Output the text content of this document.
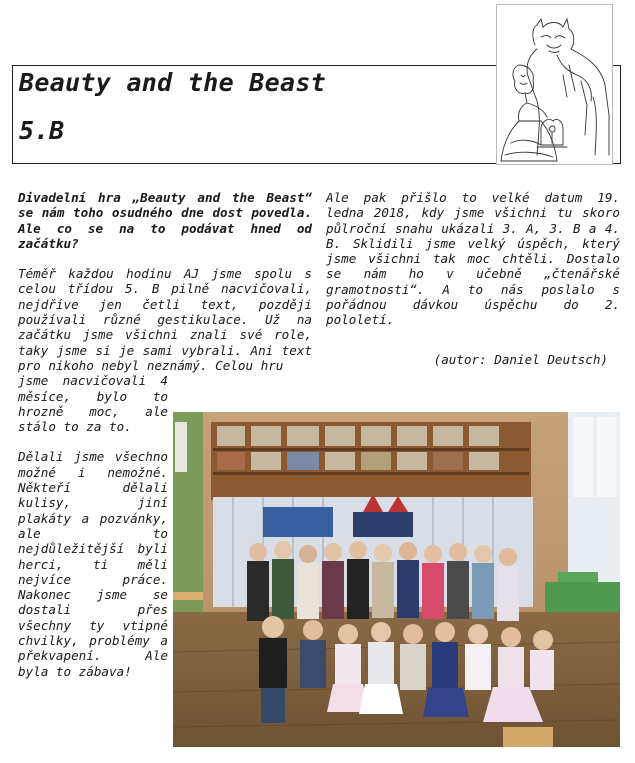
Beauty and the Beast
5.B

Divadelní hra „Beauty and the Beast“ se nám toho osudného dne dost povedla. Ale co se na to podávat hned od začátku?

Téměř každou hodinu AJ jsme spolu s celou třídou 5. B pilně nacvičovali, nejdříve jen četli text, později používali různé gestikulace. Už na začátku jsme všichni znali své role, taky jsme si je sami vybrali. Ani text pro nikoho nebyl neznámý. Celou hru

jsme nacvičovali 4 měsíce, bylo to hrozně moc, ale stálo to za to.
Dělali jsme všechno možné i nemožné. Někteří dělali kulisy, jiní plakáty a pozvánky, ale to nejdůležitější byli herci, ti měli nejvíce práce. Nakonec jsme se dostali přes všechny ty vtipné chvilky, problémy a překvapení. Ale byla to zábava!

Ale pak přišlo to velké datum 19. ledna 2018, kdy jsme všichni tu skoro půlroční snahu ukázali 3. A, 3. B a 4. B. Sklidili jsme velký úspěch, který jsme všichni tak moc chtěli. Dostalo se nám ho v učebně „čtenářské gramotnosti“. A to nás poslalo s pořádnou dávkou úspěchu do 2. pololetí.

(autor: Daniel Deutsch)
